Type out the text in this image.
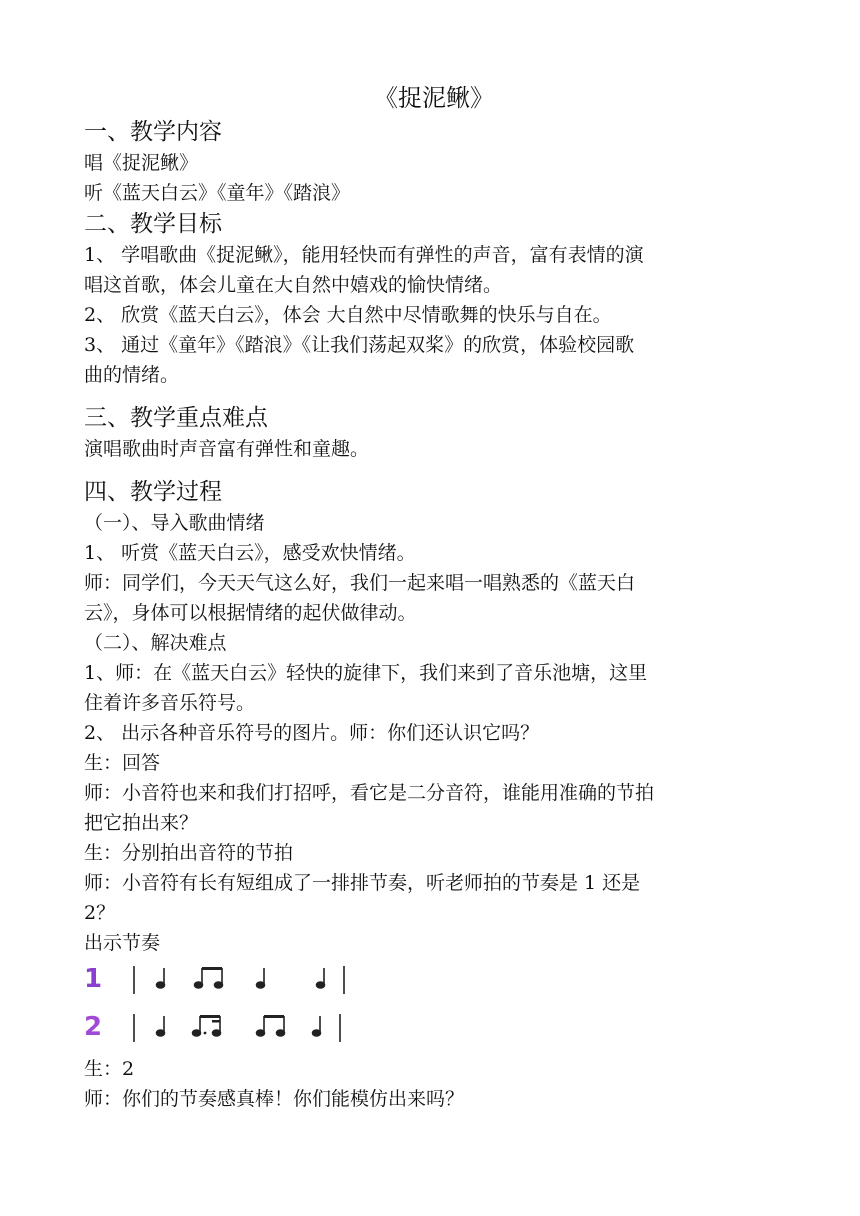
《捉泥鳅》
一、教学内容
唱《捉泥鳅》
听《蓝天白云》《童年》《踏浪》
二、教学目标
1、 学唱歌曲《捉泥鳅》，能用轻快而有弹性的声音，富有表情的演
唱这首歌，体会儿童在大自然中嬉戏的愉快情绪。
2、 欣赏《蓝天白云》，体会 大自然中尽情歌舞的快乐与自在。
3、 通过《童年》《踏浪》《让我们荡起双桨》的欣赏，体验校园歌
曲的情绪。
三、教学重点难点
演唱歌曲时声音富有弹性和童趣。
四、教学过程
（一）、导入歌曲情绪
1、 听赏《蓝天白云》，感受欢快情绪。
师：同学们，今天天气这么好，我们一起来唱一唱熟悉的《蓝天白
云》，身体可以根据情绪的起伏做律动。
（二）、解决难点
1、师：在《蓝天白云》轻快的旋律下，我们来到了音乐池塘，这里
住着许多音乐符号。
2、 出示各种音乐符号的图片。师：你们还认识它吗？
生：回答
师：小音符也来和我们打招呼，看它是二分音符，谁能用准确的节拍
把它拍出来？
生：分别拍出音符的节拍
师：小音符有长有短组成了一排排节奏，听老师拍的节奏是 1 还是
2？
出示节奏
1
2
生：2
师：你们的节奏感真棒！你们能模仿出来吗？
